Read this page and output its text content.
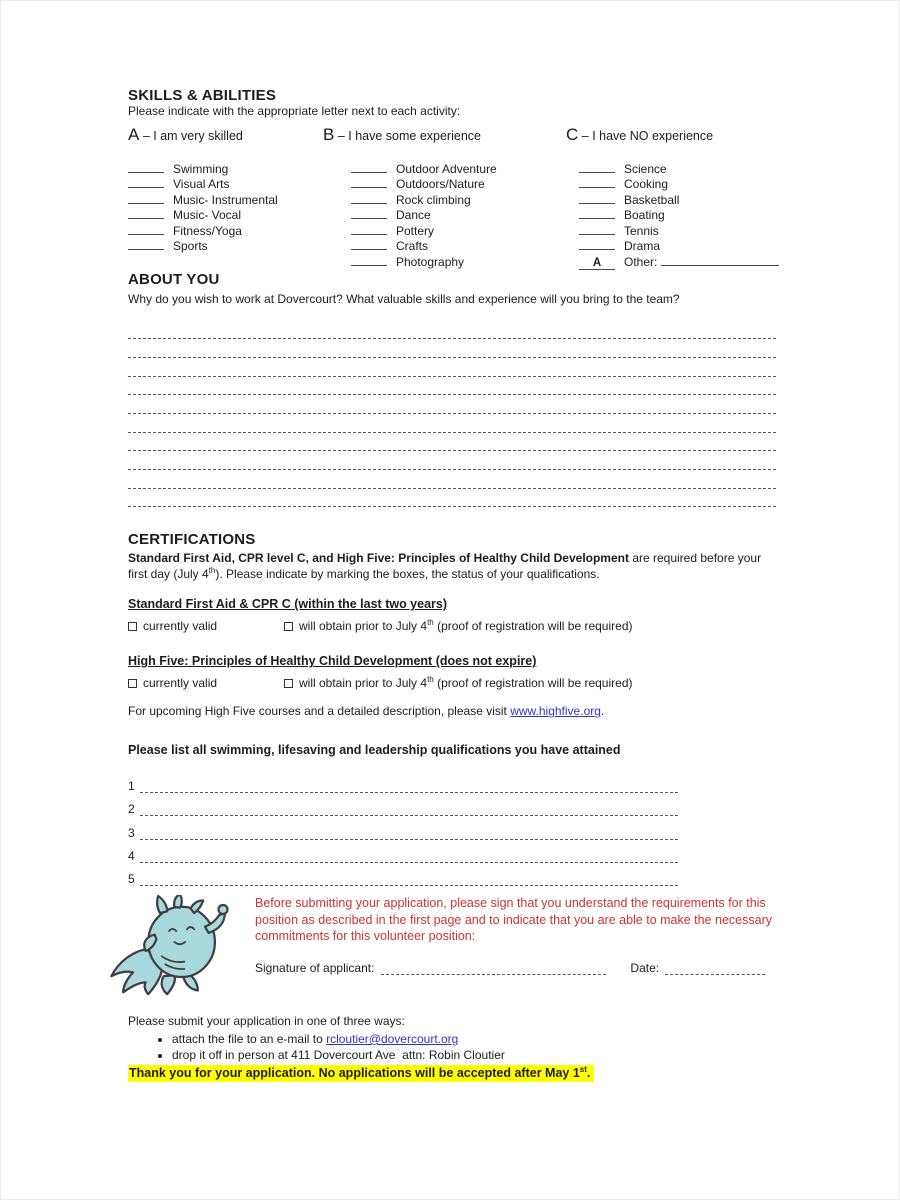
SKILLS & ABILITIES
Please indicate with the appropriate letter next to each activity:
A – I am very skilled	B – I have some experience	C – I have NO experience
Swimming
Visual Arts
Music- Instrumental
Music- Vocal
Fitness/Yoga
Sports
Outdoor Adventure
Outdoors/Nature
Rock climbing
Dance
Pottery
Crafts
Photography
Science
Cooking
Basketball
Boating
Tennis
Drama
A Other:
ABOUT YOU
Why do you wish to work at Dovercourt? What valuable skills and experience will you bring to the team?
CERTIFICATIONS
Standard First Aid, CPR level C, and High Five: Principles of Healthy Child Development are required before your first day (July 4th). Please indicate by marking the boxes, the status of your qualifications.
Standard First Aid & CPR C (within the last two years)
currently valid	will obtain prior to July 4th (proof of registration will be required)
High Five: Principles of Healthy Child Development (does not expire)
currently valid	will obtain prior to July 4th (proof of registration will be required)
For upcoming High Five courses and a detailed description, please visit www.highfive.org.
Please list all swimming, lifesaving and leadership qualifications you have attained
1
2
3
4
5
Before submitting your application, please sign that you understand the requirements for this position as described in the first page and to indicate that you are able to make the necessary commitments for this volunteer position:
Signature of applicant:	Date:
Please submit your application in one of three ways:
• attach the file to an e-mail to rcloutier@dovercourt.org
• drop it off in person at 411 Dovercourt Ave  attn: Robin Cloutier
Thank you for your application. No applications will be accepted after May 1st.
